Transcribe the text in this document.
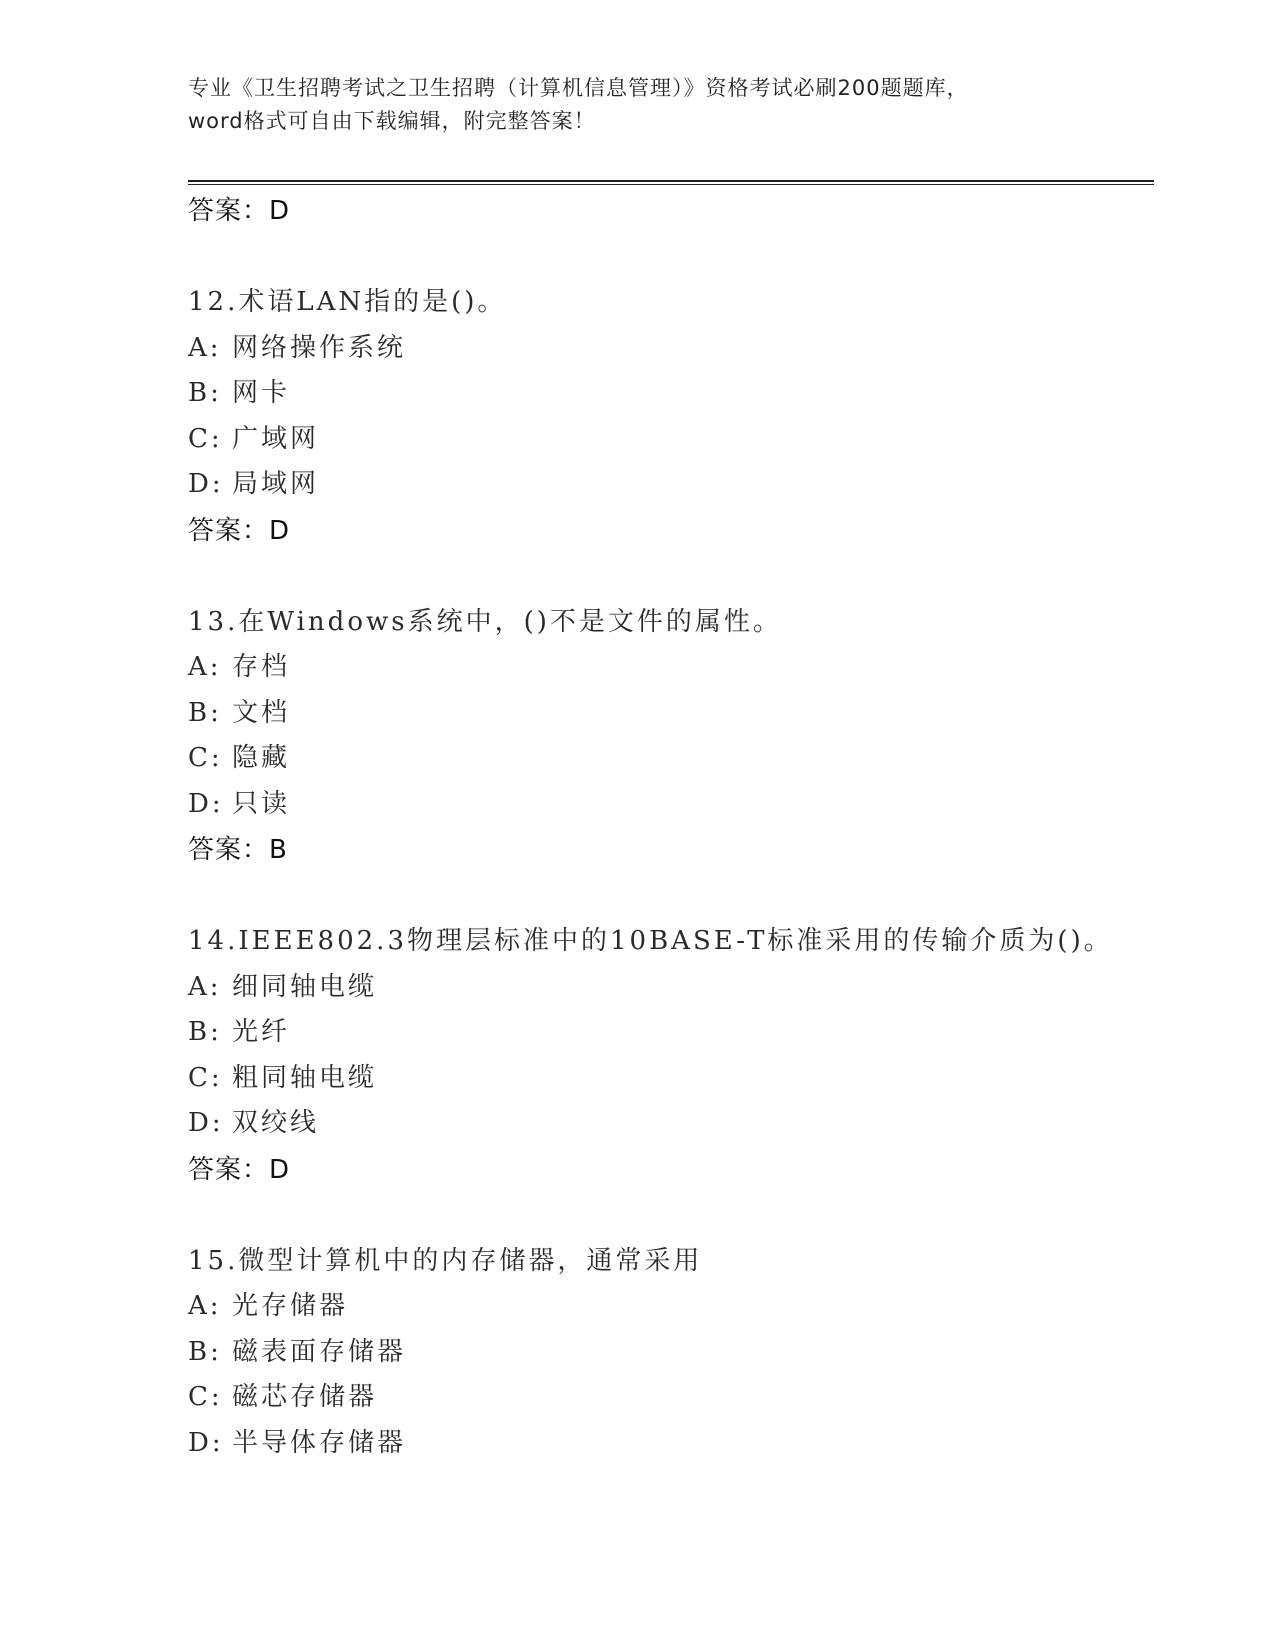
专业《卫生招聘考试之卫生招聘（计算机信息管理）》资格考试必刷200题题库，
word格式可自由下载编辑，附完整答案！
答案：D
12.术语LAN指的是()。
A: 网络操作系统
B: 网卡
C: 广域网
D: 局域网
答案：D
13.在Windows系统中，()不是文件的属性。
A: 存档
B: 文档
C: 隐藏
D: 只读
答案：B
14.IEEE802.3物理层标准中的10BASE-T标准采用的传输介质为()。
A: 细同轴电缆
B: 光纤
C: 粗同轴电缆
D: 双绞线
答案：D
15.微型计算机中的内存储器，通常采用
A: 光存储器
B: 磁表面存储器
C: 磁芯存储器
D: 半导体存储器
